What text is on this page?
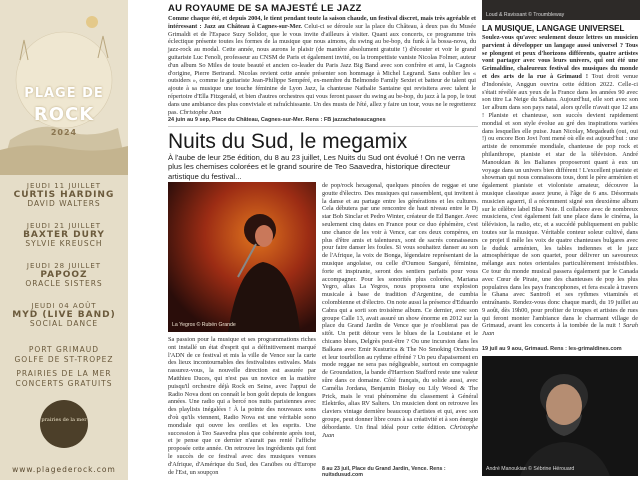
PLAGE DE
ROCK
2024
JEUDI 11 JUILLET
CURTIS HARDING
DAVID WALTERS
JEUDI 21 JUILLET
BAXTER DURY
SYLVIE KREUSCH
JEUDI 28 JUILLET
PAPOOZ
ORACLE SISTERS
JEUDI 04 AOÛT
MYD (LIVE BAND)
SOCIAL DANCE
PORT GRIMAUD
GOLFE DE ST-TROPEZ
PRAIRIES DE LA MER
CONCERTS GRATUITS
prairies de la mer
www.plagederock.com
AU ROYAUME DE SA MAJESTÉ LE JAZZ
Comme chaque été, et depuis 2004, le tient pendant toute la saison chaude, un festival discret, mais très agréable et intéressant : Jazz au Château à Cagnes-sur-Mer. Celui-ci se déroule sur la place du Château, à deux pas du Musée Grimaldi et de l'Espace Suzy Solidor, que le vous invite d'ailleurs à visiter. Quant aux concerts, ce programme très éclectique présente toutes les formes de la musique que nous aimons, du swing au be-bop, du funk à la bossa-nova, du jazz-rock au modal. Cette année, nous aurons le plaisir (de manière absolument gratuite !) d'écouter et voir le grand guitariste Luc Fenoli, professeur au CNSM de Paris et également invité, ou la trompettiste vaniste Nicolas Folmer, auteur d'un album So Miles de toute beauté et ancien co-leader du Paris Jazz Big Band avec son confrère et ami, la Cagnois d'origine, Pierre Bertrand. Nicolas revient cette année présenter son hommage à Michel Legrand. Sans oublier les « outsiders », comme le guitariste Jean-Philippe Sempéré, ex-membre du Belmondo Family Sextet et batteur de talent qui ajoute à sa musique une touche féminine de Lyon Jazz, la chanteuse Nathalie Santaine qui revisitera avec talent le répertoire d'Ella Fitzgerald, et bien d'autres orchestres qui vous feront passer du swing au be-bop, du jazz à la pop, le tout dans une ambiance des plus conviviale et rafraîchissante. Un des musts de l'été, allez y faire un tour, vous ne le regretterez pas. Christophe Juan
24 juin au 9 sep, Place du Château, Cagnes-sur-Mer. Rens : FB jazzachateaucagnes
Nuits du Sud, le megamix
À l'aube de leur 25e édition, du 8 au 23 juillet, Les Nuits du Sud ont évolué ! On ne verra plus les chemises colorées et le grand sourire de Teo Saavedra, historique directeur artistique du festival...
La Yegros © Rubén Grande
Sa passion pour la musique et ses programmations riches ont installé un état d'esprit qui a définitivement marqué l'ADN de ce festival et mis la ville de Vence sur la carte des lieux incontournables des festivalistes estivales. Mais rassurez-vous, la nouvelle direction est assurée par Matthieu Duces, qui n'est pas un novice en la matière puisqu'il orchestre déjà Rock en Seine, avec l'appui de Radio Nova dont on connaît le bon goût depuis de longues années. Une radio qui a bercé nos nuits parisiennes avec des playlists inégalées ! À la pointe des nouveaux sons d'où qu'ils viennent, Radio Nova est une véritable sono mondiale qui ouvre les oreilles et les esprits. Une succession à Teo Saavedra plus que cohérente après tout, et je pense que ce dernier n'aurait pas renié l'affiche proposée cette année. On retrouve les ingrédients qui font le succès de ce festival avec des musiques venues d'Afrique, d'Amérique du Sud, des Caraïbes ou d'Europe de l'Est, un soupçon
de pop/rock hexagonal, quelques pincées de reggae et une goutte d'électro. Des musiques qui rassemblent, qui invitent à la danse et au partage entre les générations et les cultures. Cela débutera par une rencontre de haut niveau entre le Dj star Bob Sinclar et Pedro Winter, créateur de Ed Banger. Avec seulement cinq dates en France pour ce duo éphémère, c'est une chance de les voir à Vence, car ces deux compères, en plus d'être amis et talentueux, sont de sacrés connaisseurs pour faire danser les foules. Si vous souhaitez danser au son de l'Afrique, la voix de Bonga, légendaire représentant de la musique angolaise, ou celle d'Oumou Sangaré, féminine, forte et inspirante, seront des sentiers parfaits pour vous accompagner. Pour les sonorités plus colorées, Mariana Yegro, alias La Yegros, nous proposera une explosion musicale à base de tradition d'Argentine, de cumbia colombienne et d'électro. On note aussi la présence d'Eduardo Cabra qui a sorti son troisième album. Ce dernier, avec son groupe Calle 13, avait assuré un show énorme en 2012 sur la place du Grand Jardin de Vence que je n'oublierai pas de sitôt. Un petit détour vers le blues de la Louisiane et le chicano blues, Delgrès peut-être ? Ou une incursion dans les Balkans avec Emir Kusturica & The No Smoking Orchestra et leur tourbillon au rythme effréné ? Un peu d'apaisement en mode reggae ne sera pas négligeable, surtout en compagnie de Groundation, la bande d'Harrison Stafford reste une valeur sûre dans ce domaine. Côté français, du solide aussi, avec Camélia Jordana, Benjamin Biolay ou Lily Wood & The Prick, mais le vrai phénomène du classement à Général Elektriks, alias RV Salters. Un musicien dont on retrouve les claviers vintage dernière beaucoup d'artistes et qui, avec son groupe, peut donner libre cours à sa créativité et à son énergie débordante. Un final idéal pour cette édition. Christophe Juan
8 au 23 juil, Place du Grand Jardin, Vence. Rens : nuitsdusud.com
Loud & Ravissant © Troumbleway
LA MUSIQUE, LANGAGE UNIVERSEL
Soulez-vous qu'avec seulement douze lettres un musicien parvient à développer un langage aussi universel ? Tous se plongent et peux d'horizons différents, quatre artistes vont partager avec vous leurs univers, qui ont été une Grimaldine, chaleureux festival des musiques du monde et des arts de la rue à Grimaud ! Tout droit venue d'Indonésie, Anggun ouvrira cette édition 2022. Celle-ci s'était révélée aux yeux de la France dans les années 90 avec son titre La Neige du Sahara. Aujourd'hui, elle sort avec son 1er album dans son pays natal, alors qu'elle n'avait que 12 ans ! Planiste et chanteuse, son succès devient rapidement mondial et son style évolue au gré des inspirations variées dans lesquelles elle puise. Juan Nicolay, Megadeath (oui, oui !) ou encore Bon Jovi l'ont mené où elle est aujourd'hui : une artiste de renommée mondiale, chanteuse de pop rock et philanthrope, pianiste et star de la télévision. André Manoukian & les Balianes proposeront quant à eux un voyage dans un univers bien différent ! L'excellent pianiste et showman qui nous connaissons tous, dont le père arménien et également pianiste et violoniste amateur, découvre la musique classique assez jeune, à l'âge de 6 ans. Désormais musicien aguerri, il a récemment signé son deuxième album sur le célèbre label Blue Note. Il collabore avec de nombreux musiciens, c'est également fait une place dans le cinéma, la télévision, la radio, etc, et a succédé publiquement en public toutes sur la musique. Véritable conteur soleur cultivé, dans ce projet il mêle les voix de quatre chanteuses bulgares avec le duduk arménien, les tables indiennes et le jazz atmosphérique de son quartet, pour délivrer un savoureux mélange aux notes orientales particulièrement irrésistibles. Ce tour du monde musical passera également par le Canada avec Cœur de Pirate, une des chanteuses de pop les plus populaires dans les pays francophones, et fera escale à travers le Ghana avec Santrofi et ses rythmes vitaminés et entraînants. Rendez-vous donc chaque mardi, du 19 juillet au 9 août, dès 19h00, pour profiter de troupes et artistes de rues qui feront monter l'ambiance dans le charmant village de Grimaud, avant les concerts à la tombée de la nuit ! Sarah Juan
19 juil au 9 aou, Grimaud. Rens : les-grimaldines.com
André Manoukian © Sébrine Hérouard
